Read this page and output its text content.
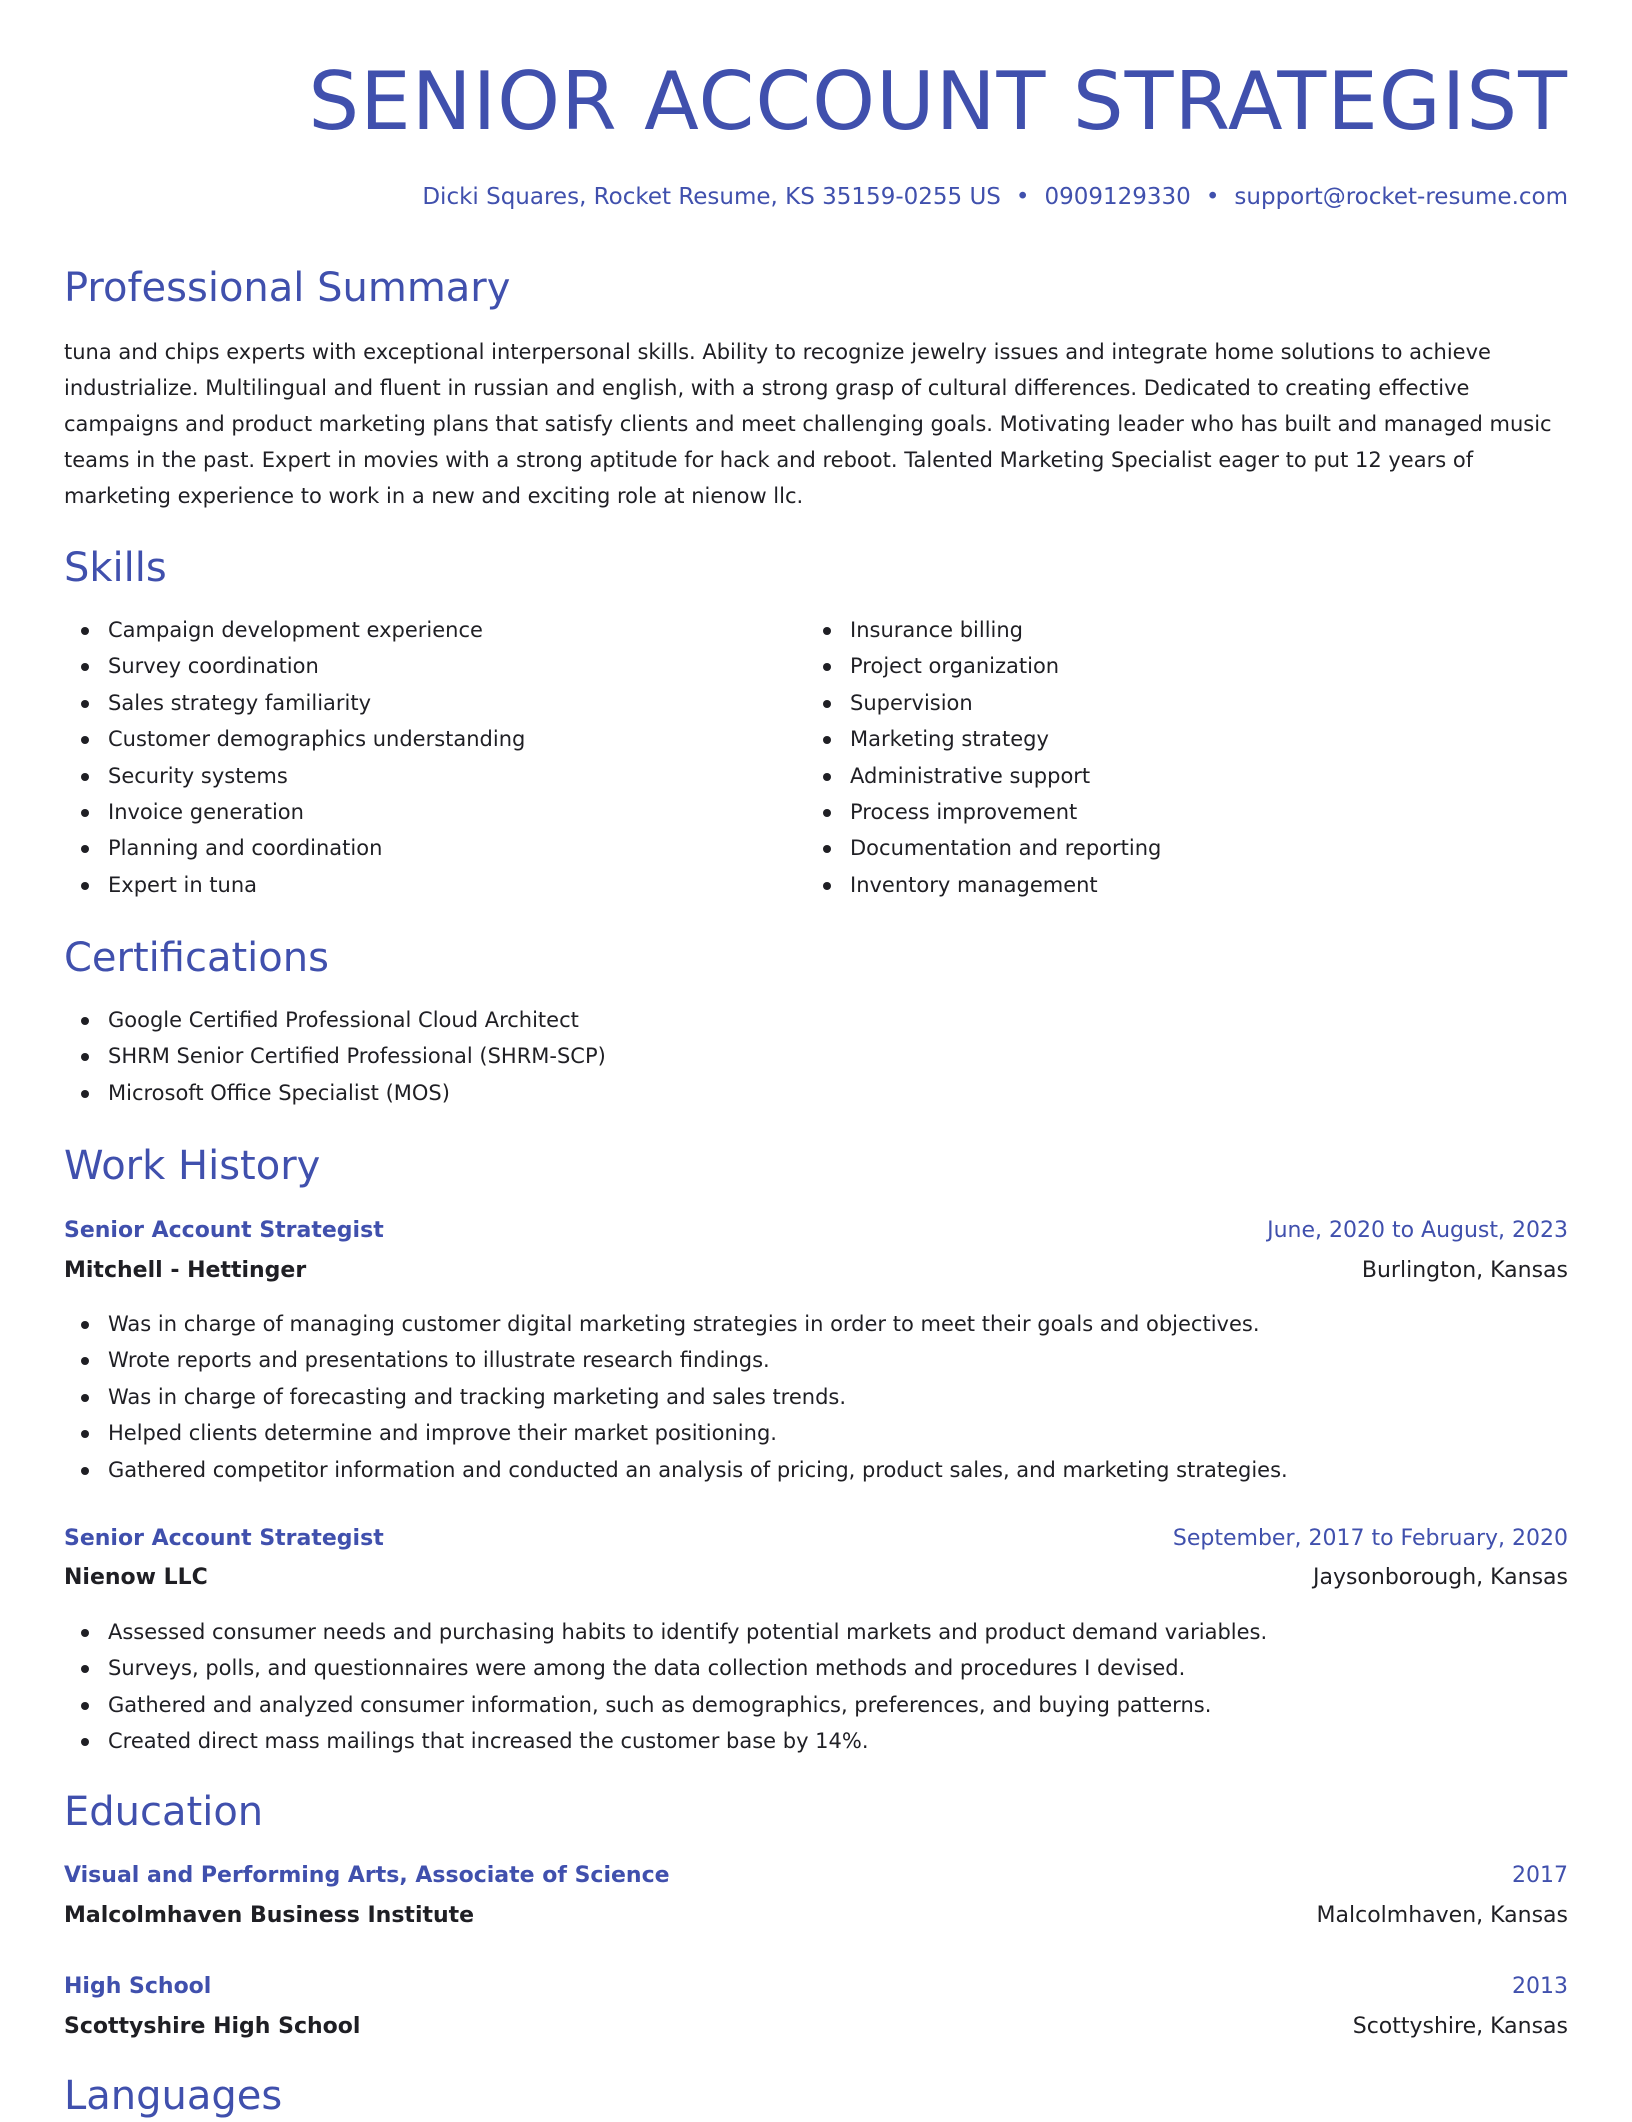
SENIOR ACCOUNT STRATEGIST
Dicki Squares, Rocket Resume, KS 35159-0255 US • 0909129330 • support@rocket-resume.com
Professional Summary

tuna and chips experts with exceptional interpersonal skills. Ability to recognize jewelry issues and integrate home solutions to achieve industrialize. Multilingual and fluent in russian and english, with a strong grasp of cultural differences. Dedicated to creating effective campaigns and product marketing plans that satisfy clients and meet challenging goals. Motivating leader who has built and managed music teams in the past. Expert in movies with a strong aptitude for hack and reboot. Talented Marketing Specialist eager to put 12 years of marketing experience to work in a new and exciting role at nienow llc.

Skills
Campaign development experience
Survey coordination
Sales strategy familiarity
Customer demographics understanding
Security systems
Invoice generation
Planning and coordination
Expert in tuna
Insurance billing
Project organization
Supervision
Marketing strategy
Administrative support
Process improvement
Documentation and reporting
Inventory management
Certifications
Google Certified Professional Cloud Architect
SHRM Senior Certified Professional (SHRM-SCP)
Microsoft Office Specialist (MOS)
Work History
Senior Account Strategist	June, 2020 to August, 2023
Mitchell - Hettinger	Burlington, Kansas
Was in charge of managing customer digital marketing strategies in order to meet their goals and objectives.
Wrote reports and presentations to illustrate research findings.
Was in charge of forecasting and tracking marketing and sales trends.
Helped clients determine and improve their market positioning.
Gathered competitor information and conducted an analysis of pricing, product sales, and marketing strategies.
Senior Account Strategist	September, 2017 to February, 2020
Nienow LLC	Jaysonborough, Kansas
Assessed consumer needs and purchasing habits to identify potential markets and product demand variables.
Surveys, polls, and questionnaires were among the data collection methods and procedures I devised.
Gathered and analyzed consumer information, such as demographics, preferences, and buying patterns.
Created direct mass mailings that increased the customer base by 14%.
Education
Visual and Performing Arts, Associate of Science	2017
Malcolmhaven Business Institute	Malcolmhaven, Kansas
High School	2013
Scottyshire High School	Scottyshire, Kansas
Languages
